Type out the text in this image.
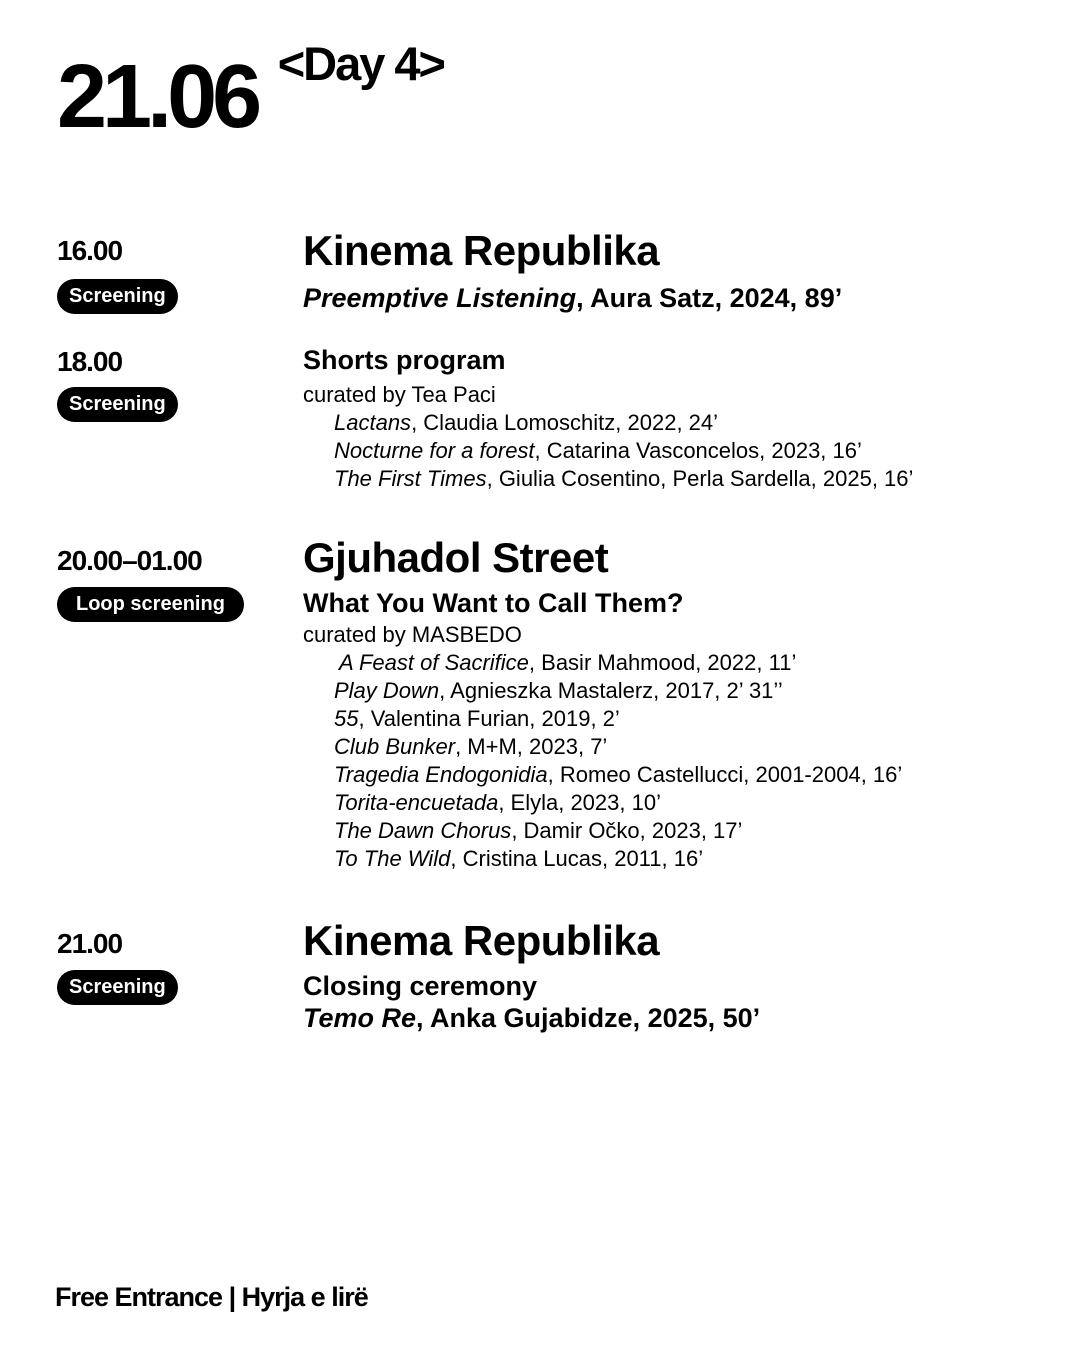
21.06 <Day 4>
16.00
Screening

Kinema Republika

Preemptive Listening, Aura Satz, 2024, 89’

18.00
Screening

Shorts program

curated by Tea Paci

Lactans, Claudia Lomoschitz, 2022, 24’
Nocturne for a forest, Catarina Vasconcelos, 2023, 16’
The First Times, Giulia Cosentino, Perla Sardella, 2025, 16’
20.00–01.00
Loop screening

Gjuhadol Street

What You Want to Call Them?

curated by MASBEDO

A Feast of Sacrifice, Basir Mahmood, 2022, 11’
Play Down, Agnieszka Mastalerz, 2017, 2’ 31’’
55, Valentina Furian, 2019, 2’
Club Bunker, M+M, 2023, 7’
Tragedia Endogonidia, Romeo Castellucci, 2001-2004, 16’
Torita-encuetada, Elyla, 2023, 10’
The Dawn Chorus, Damir Očko, 2023, 17’
To The Wild, Cristina Lucas, 2011, 16’
21.00
Screening

Kinema Republika

Closing ceremony

Temo Re, Anka Gujabidze, 2025, 50’

Free Entrance | Hyrja e lirë
